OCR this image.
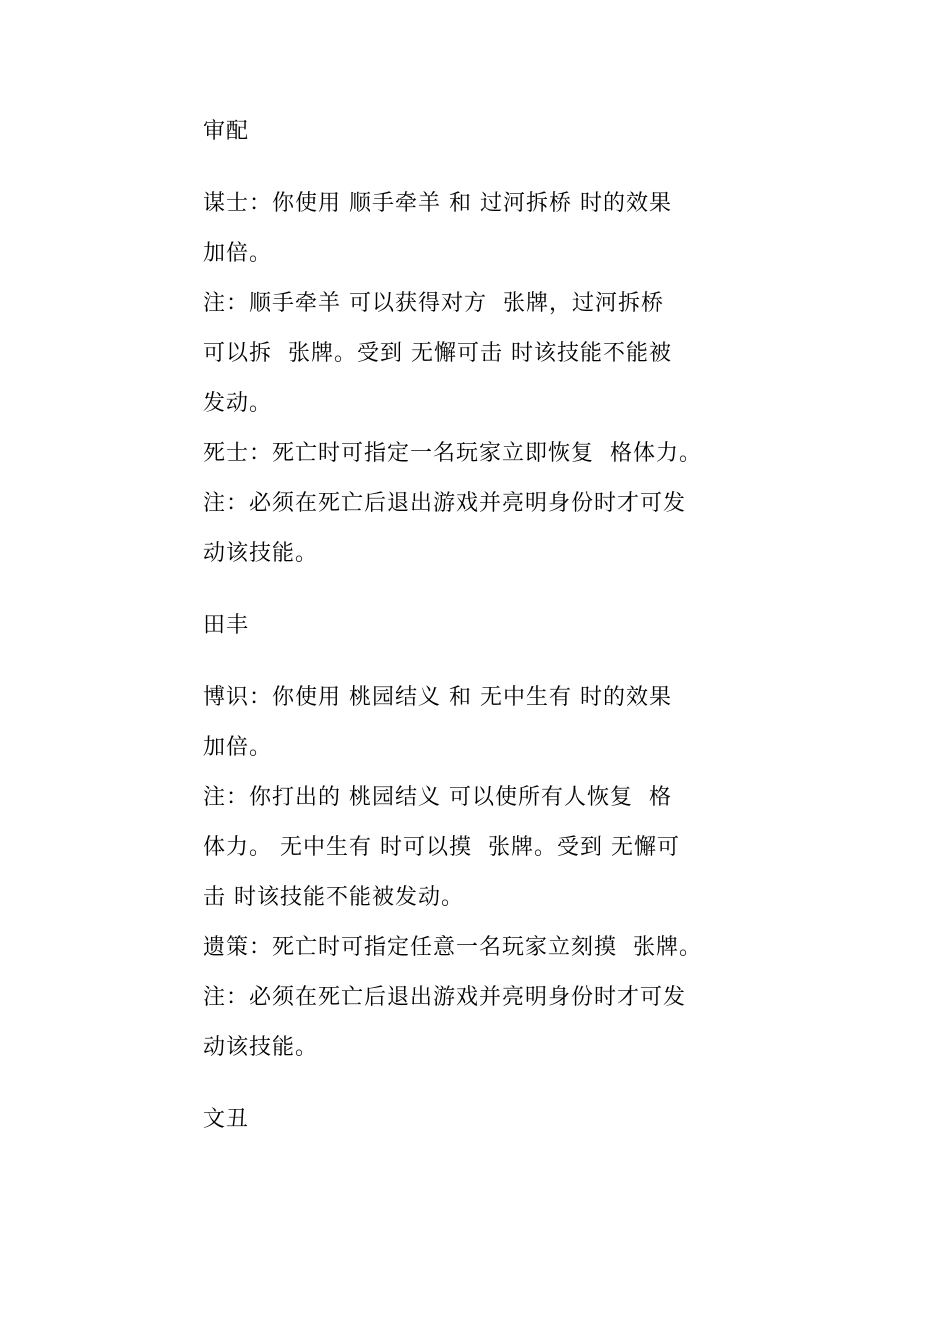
审配
谋士：你使用 顺手牵羊 和 过河拆桥 时的效果
加倍。
注：顺手牵羊 可以获得对方  张牌，过河拆桥
可以拆  张牌。受到 无懈可击 时该技能不能被
发动。
死士：死亡时可指定一名玩家立即恢复  格体力。
注：必须在死亡后退出游戏并亮明身份时才可发
动该技能。
田丰
博识：你使用 桃园结义 和 无中生有 时的效果
加倍。
注：你打出的 桃园结义 可以使所有人恢复  格
体力。 无中生有 时可以摸  张牌。受到 无懈可
击 时该技能不能被发动。
遗策：死亡时可指定任意一名玩家立刻摸  张牌。
注：必须在死亡后退出游戏并亮明身份时才可发
动该技能。
文丑
